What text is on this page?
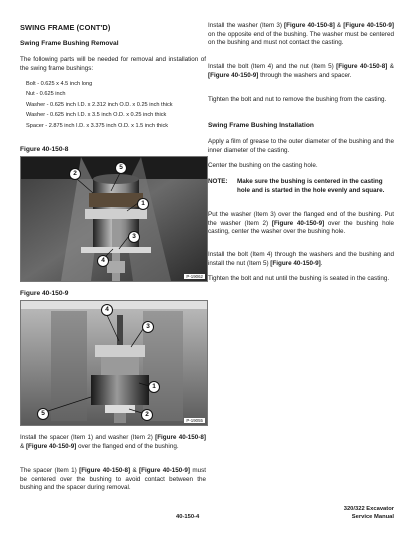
SWING FRAME (CONT'D)
Swing Frame Bushing Removal
The following parts will be needed for removal and installation of the swing frame bushings:
Bolt - 0.625 x 4.5 inch long
Nut - 0.625 inch
Washer - 0.625 inch I.D. x 2.312 inch O.D. x 0.25 inch thick
Washer - 0.625 inch I.D. x 3.5 inch O.D. x 0.25 inch thick
Spacer - 2.875 inch I.D. x 3.375 inch O.D. x 1.5 inch thick
Figure 40-150-8
2
5
1
3
4
P-19062
Figure 40-150-9
4
3
1
5	2
P-19055
Install the spacer (Item 1) and washer (Item 2) [Figure 40-150-8] & [Figure 40-150-9] over the flanged end of the bushing.
The spacer (Item 1) [Figure 40-150-8] & [Figure 40-150-9] must be centered over the bushing to avoid contact between the bushing and the spacer during removal.
Install the washer (Item 3) [Figure 40-150-8] & [Figure 40-150-9] on the opposite end of the bushing. The washer must be centered on the bushing and must not contact the casting.
Install the bolt (Item 4) and the nut (Item 5) [Figure 40-150-8] & [Figure 40-150-9] through the washers and spacer.
Tighten the bolt and nut to remove the bushing from the casting.
Swing Frame Bushing Installation
Apply a film of grease to the outer diameter of the bushing and the inner diameter of the casting.
Center the bushing on the casting hole.
NOTE: Make sure the bushing is centered in the casting hole and is started in the hole evenly and square.
Put the washer (Item 3) over the flanged end of the bushing. Put the washer (Item 2) [Figure 40-150-9] over the bushing hole casting, center the washer over the bushing hole.
Install the bolt (Item 4) through the washers and the bushing and install the nut (Item 5) [Figure 40-150-9].
Tighten the bolt and nut until the bushing is seated in the casting.
40-150-4
320/322 Excavator
Service Manual
